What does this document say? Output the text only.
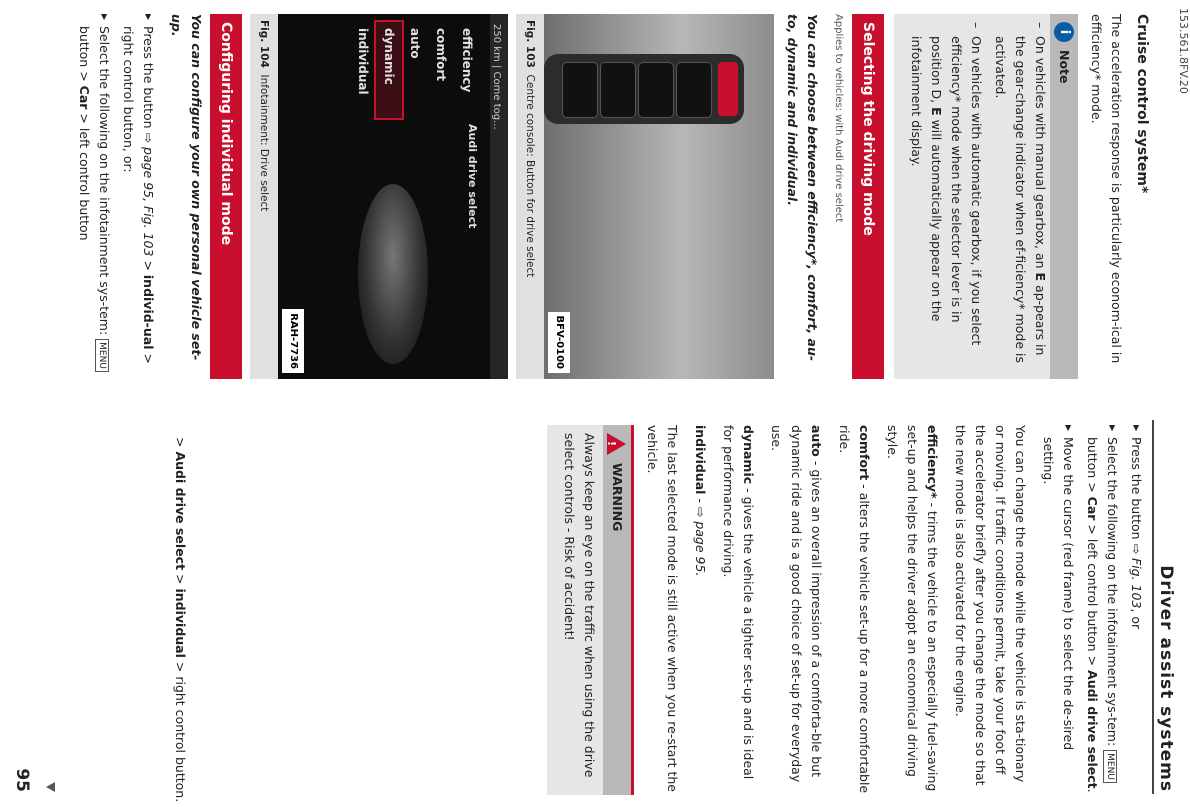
153.561.8FV.20
Driver assist systems
Cruise control system*

The acceleration response is particularly econom-ical in efficiency* mode.

i
Note
– On vehicles with manual gearbox, an E ap-pears in the gear-change indicator when ef-ficiency* mode is activated.
– On vehicles with automatic gearbox, if you select efficiency* mode when the selector lever is in position D, E will automatically appear on the infotainment display.
Selecting the driving mode
Applies to vehicles: with Audi drive select
You can choose between efficiency*, comfort, au-to, dynamic and individual.
BFV-0100
Fig. 103  Centre console: Button for drive select
250 km | Come tog...
Audi drive select
efficiency
comfort
auto
dynamic
individual
RAH-7736
Fig. 104  Infotainment: Drive select
Configuring individual mode
You can configure your own personal vehicle set-up.
▶ Press the button ⇨ page 95, Fig. 103 > individ-ual > right control button, or:
▶ Select the following on the infotainment sys-tem: MENU button > Car > left control button
▶ Press the button ⇨ Fig. 103, or
▶ Select the following on the infotainment sys-tem: MENU button > Car > left control button > Audi drive select.
▶ Move the cursor (red frame) to select the de-sired setting.

You can change the mode while the vehicle is sta-tionary or moving. If traffic conditions permit, take your foot off the accelerator briefly after you change the mode so that the new mode is also activated for the engine.

efficiency* - trims the vehicle to an especially fuel-saving set-up and helps the driver adopt an economical driving style.

comfort - alters the vehicle set-up for a more comfortable ride.

auto - gives an overall impression of a comforta-ble but dynamic ride and is a good choice of set-up for everyday use.

dynamic - gives the vehicle a tighter set-up and is ideal for performance driving.

individual - ⇨ page 95.

The last selected mode is still active when you re-start the vehicle.

!
WARNING
Always keep an eye on the traffic when using the drive select controls - Risk of accident!
> Audi drive select > individual > right control button.
95
